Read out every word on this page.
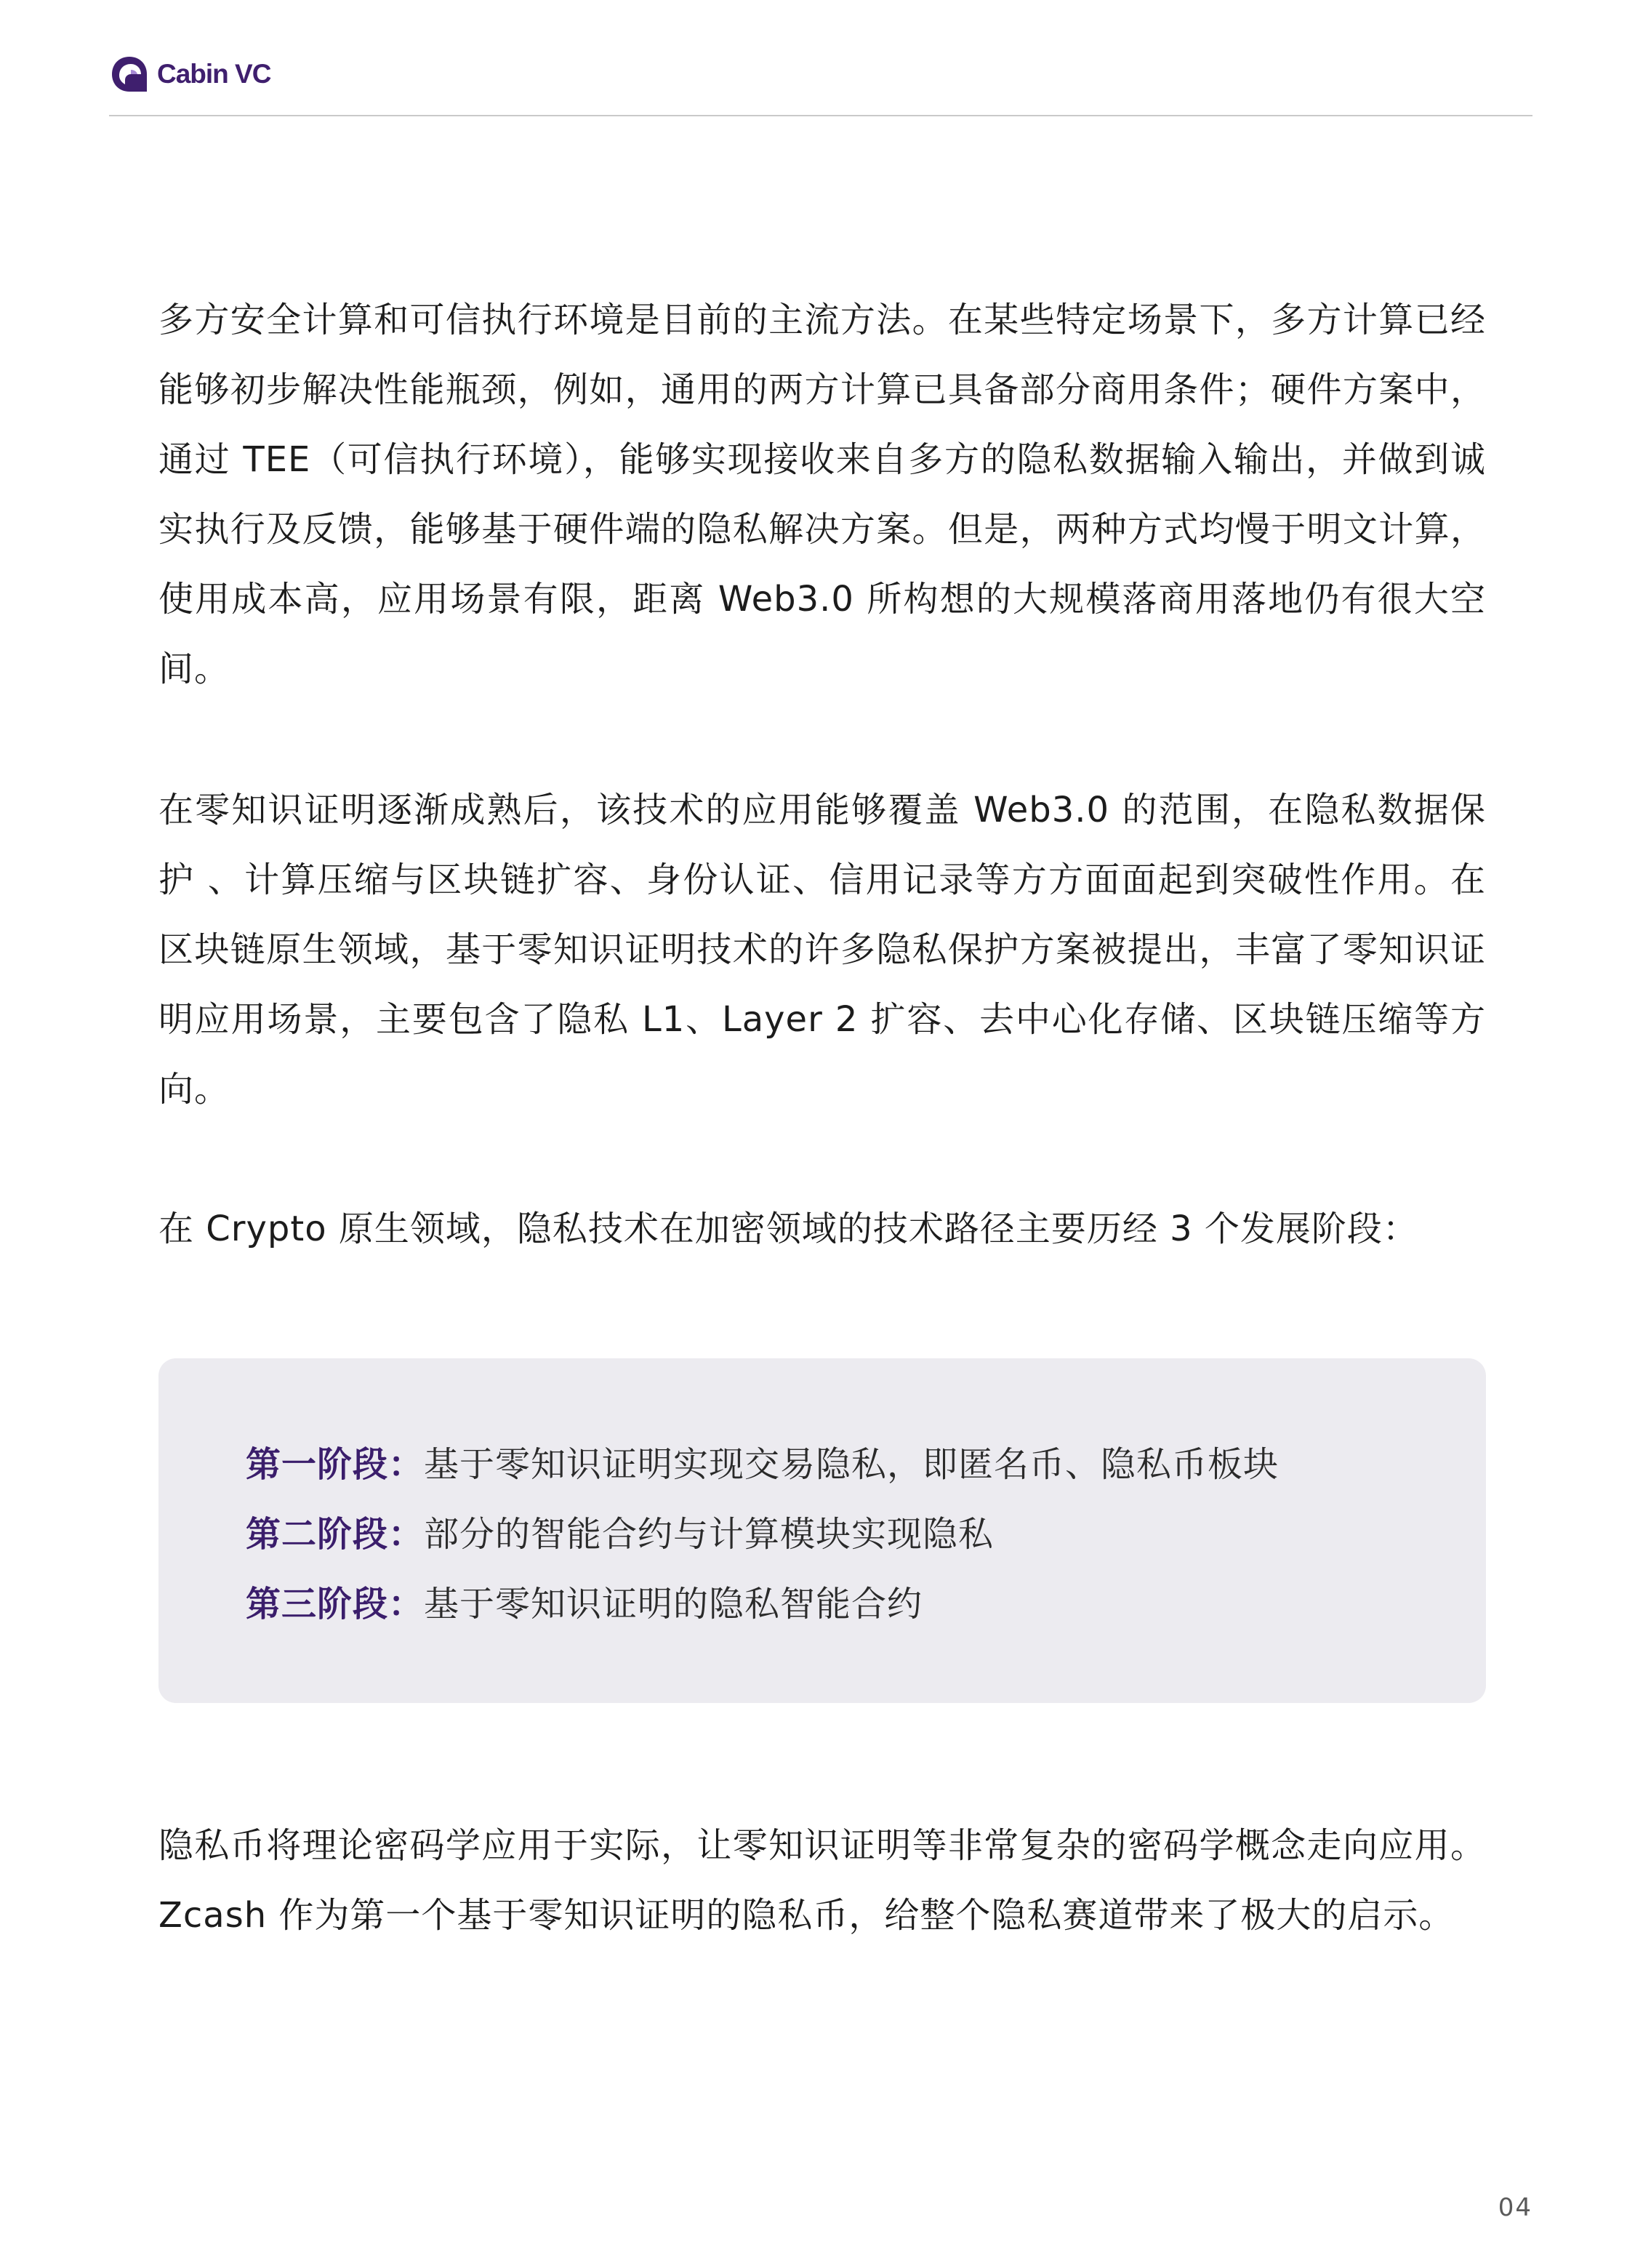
Cabin VC

多方安全计算和可信执行环境是目前的主流方法。在某些特定场景下，多方计算已经能够初步解决性能瓶颈，例如，通用的两方计算已具备部分商用条件；硬件方案中，通过 TEE（可信执行环境），能够实现接收来自多方的隐私数据输入输出，并做到诚实执行及反馈，能够基于硬件端的隐私解决方案。但是，两种方式均慢于明文计算，使用成本高，应用场景有限，距离 Web3.0 所构想的大规模落商用落地仍有很大空间。

在零知识证明逐渐成熟后，该技术的应用能够覆盖 Web3.0 的范围，在隐私数据保护 、计算压缩与区块链扩容、身份认证、信用记录等方方面面起到突破性作用。在区块链原生领域，基于零知识证明技术的许多隐私保护方案被提出，丰富了零知识证明应用场景，主要包含了隐私 L1、Layer 2 扩容、去中心化存储、区块链压缩等方向。

在 Crypto 原生领域，隐私技术在加密领域的技术路径主要历经 3 个发展阶段：

第一阶段：基于零知识证明实现交易隐私，即匿名币、隐私币板块
第二阶段：部分的智能合约与计算模块实现隐私
第三阶段：基于零知识证明的隐私智能合约

隐私币将理论密码学应用于实际，让零知识证明等非常复杂的密码学概念走向应用。Zcash 作为第一个基于零知识证明的隐私币，给整个隐私赛道带来了极大的启示。

04
